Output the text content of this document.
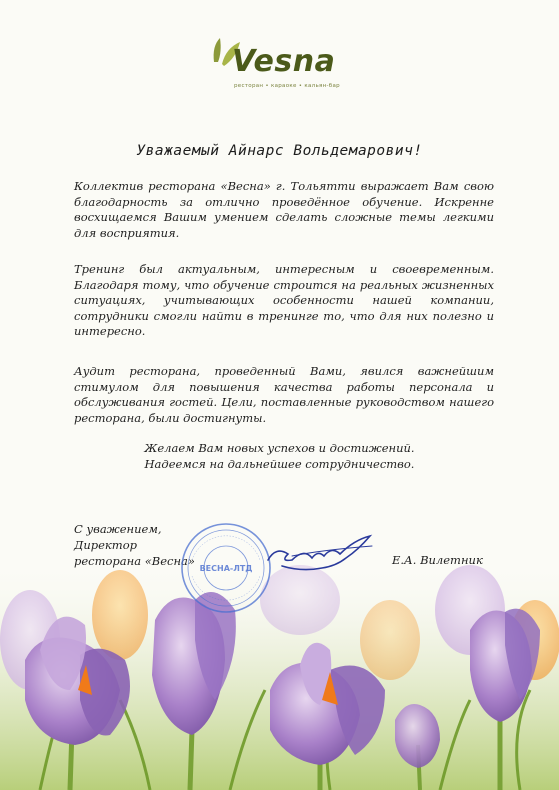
Vesna
ресторан • караоке • кальян-бар
Уважаемый Айнарс Вольдемарович!
Коллектив ресторана «Весна» г. Тольятти выражает Вам свою благодарность за отлично проведённое обучение. Искренне восхищаемся Вашим умением сделать сложные темы легкими для восприятия.
Тренинг был актуальным, интересным и своевременным. Благодаря тому, что обучение строится на реальных жизненных ситуациях, учитывающих особенности нашей компании, сотрудники смогли найти в тренинге то, что для них полезно и интересно.
Аудит ресторана, проведенный Вами, явился важнейшим стимулом для повышения качества работы персонала и обслуживания гостей. Цели, поставленные руководством нашего ресторана, были достигнуты.
Желаем Вам новых успехов и достижений.
Надеемся на дальнейшее сотрудничество.
С уважением,
Директор
ресторана «Весна»
ВЕСНА-ЛТД
Е.А. Вилетник
